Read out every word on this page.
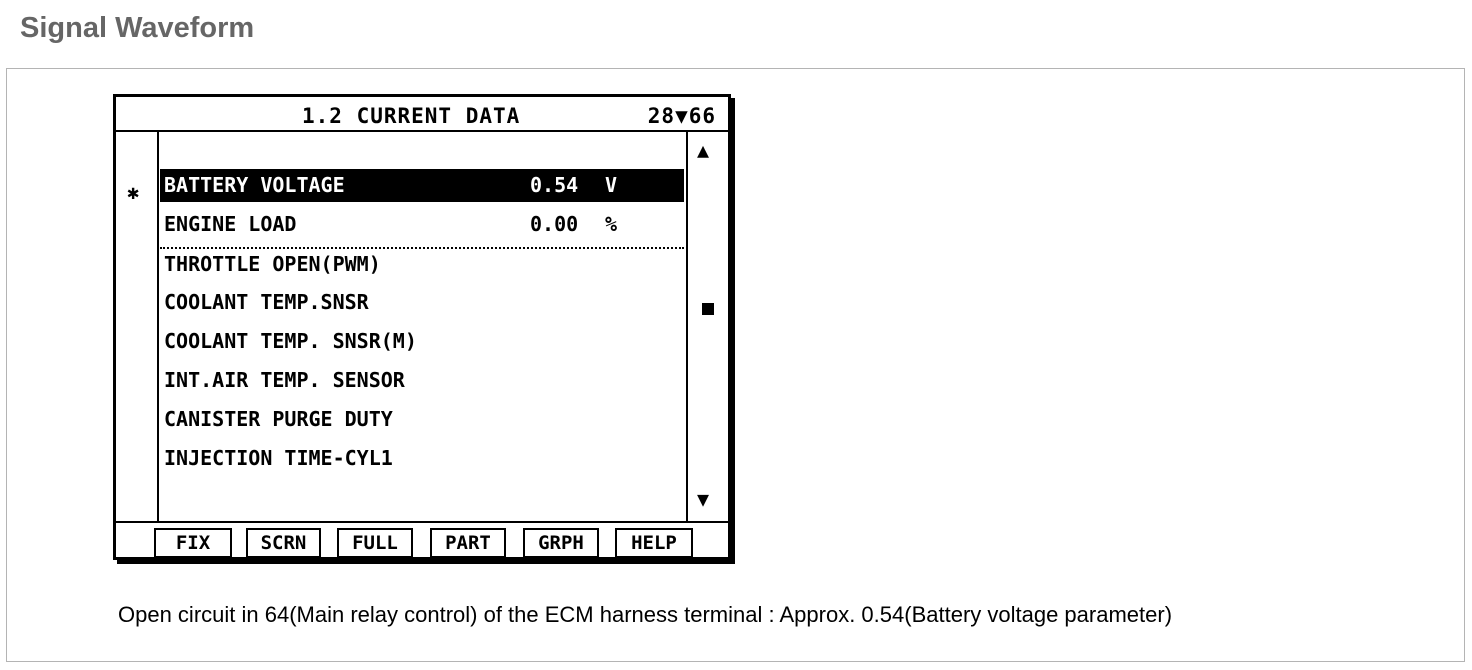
Signal Waveform
1.2 CURRENT DATA	28▼66
✱ BATTERY VOLTAGE	0.54 V
ENGINE LOAD	0.00 %
THROTTLE OPEN(PWM)
COOLANT TEMP.SNSR
COOLANT TEMP. SNSR(M)
INT.AIR TEMP. SENSOR
CANISTER PURGE DUTY
INJECTION TIME-CYL1
▲
▼
FIX	SCRN	FULL	PART	GRPH	HELP
Open circuit in 64(Main relay control) of the ECM harness terminal : Approx. 0.54(Battery voltage parameter)
